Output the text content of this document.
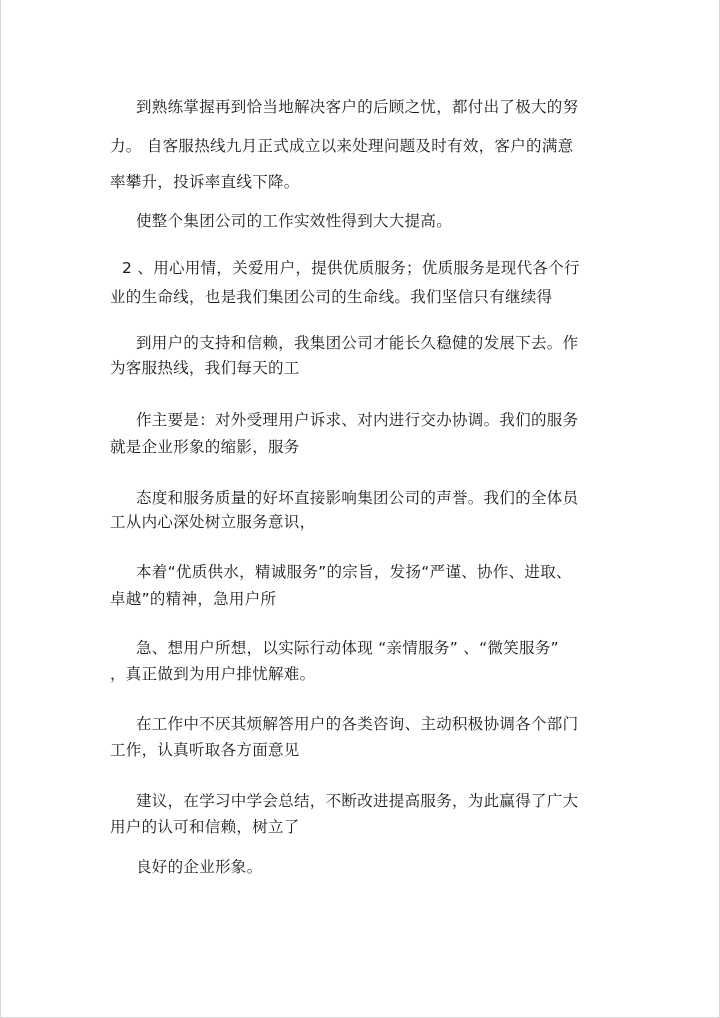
到熟练掌握再到恰当地解决客户的后顾之忧，都付出了极大的努
力。 自客服热线九月正式成立以来处理问题及时有效，客户的满意
率攀升，投诉率直线下降。
使整个集团公司的工作实效性得到大大提高。
2 、用心用情，关爱用户，提供优质服务；优质服务是现代各个行
业的生命线，也是我们集团公司的生命线。我们坚信只有继续得
到用户的支持和信赖，我集团公司才能长久稳健的发展下去。作
为客服热线，我们每天的工
作主要是：对外受理用户诉求、对内进行交办协调。我们的服务
就是企业形象的缩影，服务
态度和服务质量的好坏直接影响集团公司的声誉。我们的全体员
工从内心深处树立服务意识，
本着“优质供水，精诚服务”的宗旨，发扬“严谨、协作、进取、
卓越”的精神，急用户所
急、想用户所想，以实际行动体现 “亲情服务” 、“微笑服务”
，真正做到为用户排忧解难。
在工作中不厌其烦解答用户的各类咨询、主动积极协调各个部门
工作，认真听取各方面意见
建议，在学习中学会总结，不断改进提高服务，为此赢得了广大
用户的认可和信赖，树立了
良好的企业形象。
